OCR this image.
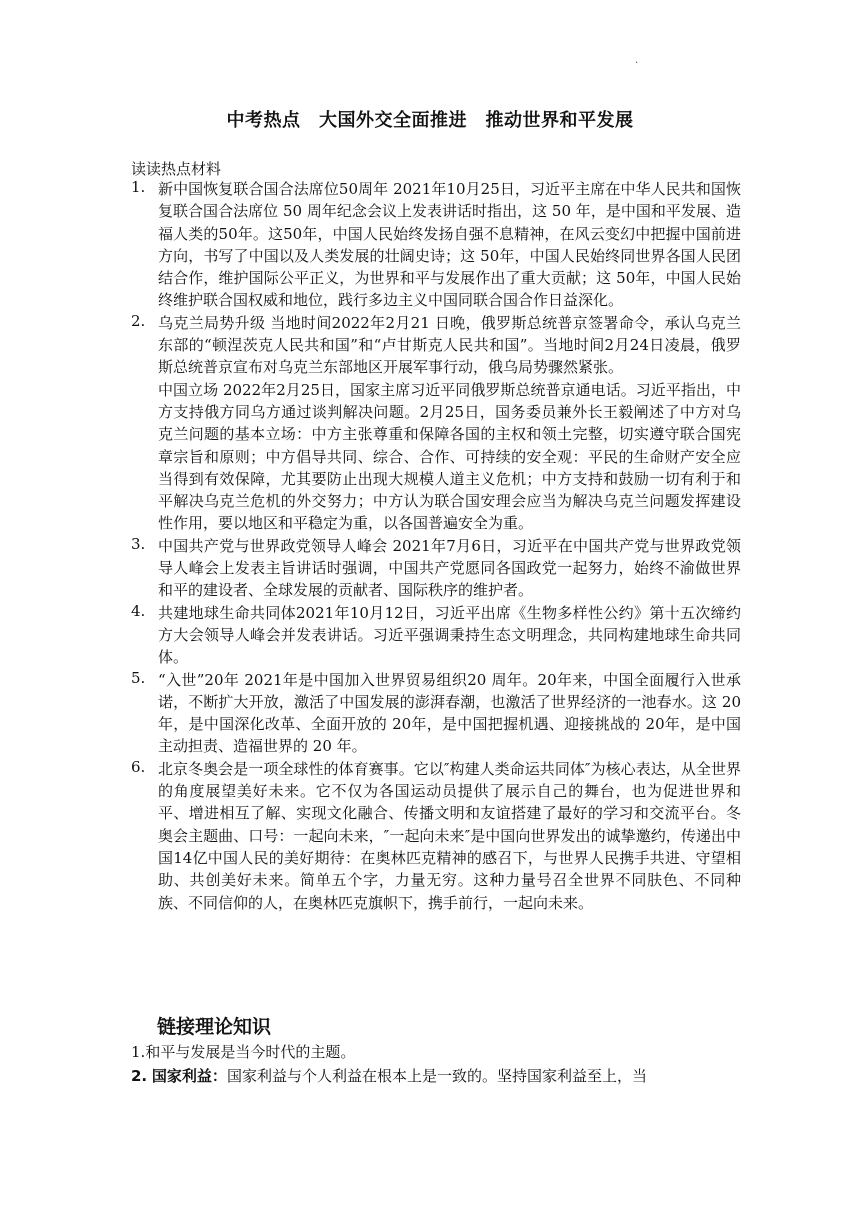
·
中考热点　大国外交全面推进　推动世界和平发展
读读热点材料
1. 新中国恢复联合国合法席位50周年 2021年10月25日，习近平主席在中华人民共和国恢复联合国合法席位 50 周年纪念会议上发表讲话时指出，这 50 年，是中国和平发展、造福人类的50年。这50年，中国人民始终发扬自强不息精神，在风云变幻中把握中国前进方向，书写了中国以及人类发展的壮阔史诗；这 50年，中国人民始终同世界各国人民团结合作，维护国际公平正义，为世界和平与发展作出了重大贡献；这 50年，中国人民始终维护联合国权威和地位，践行多边主义中国同联合国合作日益深化。

2. 乌克兰局势升级 当地时间2022年2月21 日晚，俄罗斯总统普京签署命令，承认乌克兰东部的“顿涅茨克人民共和国”和“卢甘斯克人民共和国”。当地时间2月24日凌晨，俄罗斯总统普京宣布对乌克兰东部地区开展军事行动，俄乌局势骤然紧张。

中国立场 2022年2月25日，国家主席习近平同俄罗斯总统普京通电话。习近平指出，中方支持俄方同乌方通过谈判解决问题。2月25日，国务委员兼外长王毅阐述了中方对乌克兰问题的基本立场：中方主张尊重和保障各国的主权和领土完整，切实遵守联合国宪章宗旨和原则；中方倡导共同、综合、合作、可持续的安全观：平民的生命财产安全应当得到有效保障，尤其要防止出现大规模人道主义危机；中方支持和鼓励一切有利于和平解决乌克兰危机的外交努力；中方认为联合国安理会应当为解决乌克兰问题发挥建设性作用，要以地区和平稳定为重，以各国普遍安全为重。

3. 中国共产党与世界政党领导人峰会 2021年7月6日，习近平在中国共产党与世界政党领导人峰会上发表主旨讲话时强调，中国共产党愿同各国政党一起努力，始终不渝做世界和平的建设者、全球发展的贡献者、国际秩序的维护者。

4. 共建地球生命共同体2021年10月12日，习近平出席《生物多样性公约》第十五次缔约方大会领导人峰会并发表讲话。习近平强调秉持生态文明理念，共同构建地球生命共同体。

5. “入世”20年 2021年是中国加入世界贸易组织20 周年。20年来，中国全面履行入世承诺，不断扩大开放，激活了中国发展的澎湃春潮，也激活了世界经济的一池春水。这 20年，是中国深化改革、全面开放的 20年，是中国把握机遇、迎接挑战的 20年，是中国主动担责、造福世界的 20 年。

6. 北京冬奥会是一项全球性的体育赛事。它以″构建人类命运共同体″为核心表达，从全世界的角度展望美好未来。它不仅为各国运动员提供了展示自己的舞台，也为促进世界和平、增进相互了解、实现文化融合、传播文明和友谊搭建了最好的学习和交流平台。冬奥会主题曲、口号：一起向未来，″一起向未来″是中国向世界发出的诚挚邀约，传递出中国14亿中国人民的美好期待：在奥林匹克精神的感召下，与世界人民携手共进、守望相助、共创美好未来。简单五个字，力量无穷。这种力量号召全世界不同肤色、不同种族、不同信仰的人，在奥林匹克旗帜下，携手前行，一起向未来。

链接理论知识
1.和平与发展是当今时代的主题。
2. 国家利益：国家利益与个人利益在根本上是一致的。坚持国家利益至上，当
